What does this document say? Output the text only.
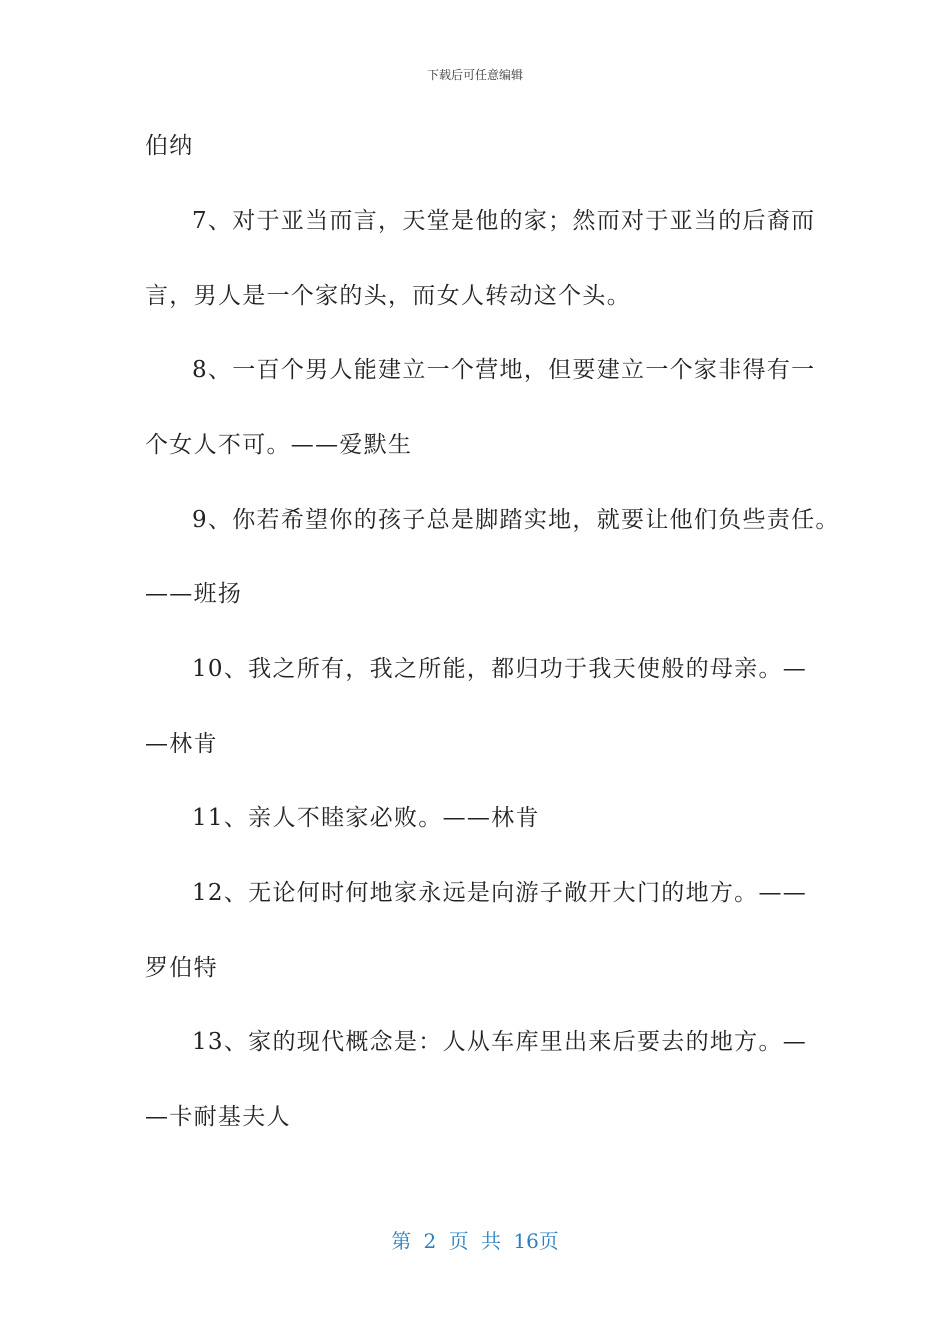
下载后可任意编辑
伯纳
7、对于亚当而言，天堂是他的家；然而对于亚当的后裔而
言，男人是一个家的头，而女人转动这个头。
8、一百个男人能建立一个营地，但要建立一个家非得有一
个女人不可。——爱默生
9、你若希望你的孩子总是脚踏实地，就要让他们负些责任。
——班扬
10、我之所有，我之所能，都归功于我天使般的母亲。—
—林肯
11、亲人不睦家必败。——林肯
12、无论何时何地家永远是向游子敞开大门的地方。——
罗伯特
13、家的现代概念是：人从车库里出来后要去的地方。—
—卡耐基夫人
第 2 页 共 16页
